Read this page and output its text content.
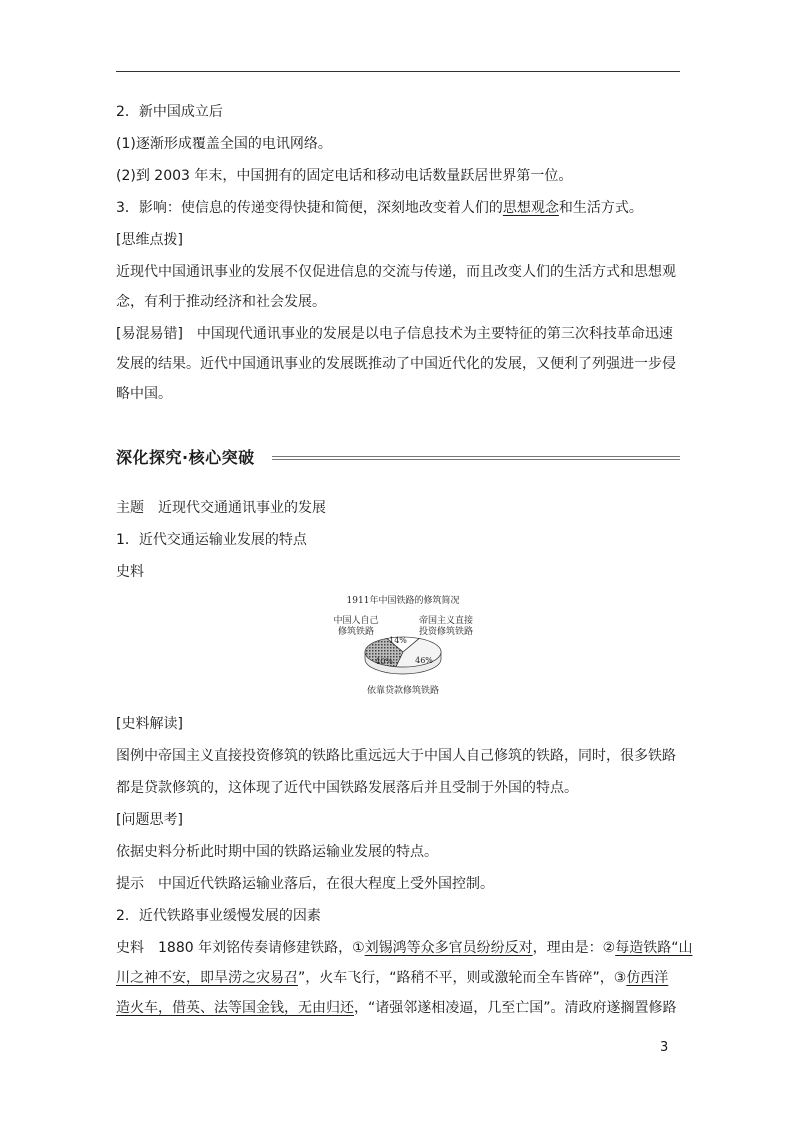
2．新中国成立后
(1)逐渐形成覆盖全国的电讯网络。
(2)到 2003 年末，中国拥有的固定电话和移动电话数量跃居世界第一位。
3．影响：使信息的传递变得快捷和简便，深刻地改变着人们的思想观念和生活方式。
[思维点拨]
近现代中国通讯事业的发展不仅促进信息的交流与传递，而且改变人们的生活方式和思想观
念，有利于推动经济和社会发展。
[易混易错]　中国现代通讯事业的发展是以电子信息技术为主要特征的第三次科技革命迅速
发展的结果。近代中国通讯事业的发展既推动了中国近代化的发展，又便利了列强进一步侵
略中国。
深化探究·核心突破
主题　近现代交通通讯事业的发展
1．近代交通运输业发展的特点
史料
1911年中国铁路的修筑简况
中国人自己
修筑铁路
帝国主义直接
投资修筑铁路
依靠贷款修筑铁路
14%
46%
40%
[史料解读]
图例中帝国主义直接投资修筑的铁路比重远远大于中国人自己修筑的铁路，同时，很多铁路
都是贷款修筑的，这体现了近代中国铁路发展落后并且受制于外国的特点。
[问题思考]
依据史料分析此时期中国的铁路运输业发展的特点。
提示　中国近代铁路运输业落后，在很大程度上受外国控制。
2．近代铁路事业缓慢发展的因素
史料　1880 年刘铭传奏请修建铁路，①刘锡鸿等众多官员纷纷反对，理由是：②每造铁路“山
川之神不安，即旱涝之灾易召”，火车飞行，“路稍不平，则或激轮而全车皆碎”，③仿西洋
造火车，借英、法等国金钱，无由归还，“诸强邻遂相凌逼，几至亡国”。清政府遂搁置修路
3
